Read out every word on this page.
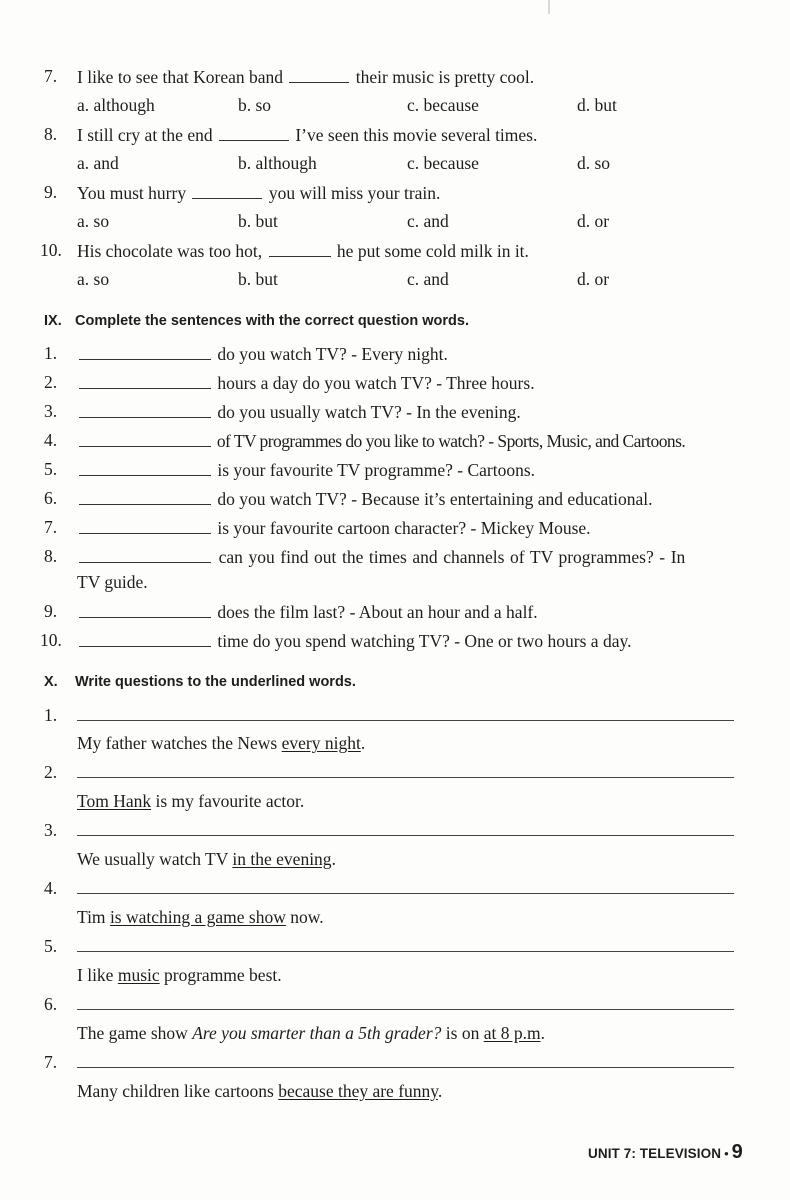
7. I like to see that Korean band	their music is pretty cool.
a. although	b. so	c. because	d. but
8. I still cry at the end	I’ve seen this movie several times.
a. and	b. although	c. because	d. so
9. You must hurry	you will miss your train.
a. so	b. but	c. and	d. or
10. His chocolate was too hot,	he put some cold milk in it.
a. so	b. but	c. and	d. or
IX. Complete the sentences with the correct question words.
1.	do you watch TV? - Every night.
2.	hours a day do you watch TV? - Three hours.
3.	do you usually watch TV? - In the evening.
4.	of TV programmes do you like to watch? - Sports, Music, and Cartoons.
5.	is your favourite TV programme? - Cartoons.
6.	do you watch TV? - Because it’s entertaining and educational.
7.	is your favourite cartoon character? - Mickey Mouse.
8.	can you find out the times and channels of TV programmes? - In
TV guide.
9.	does the film last? - About an hour and a half.
10.	time do you spend watching TV? - One or two hours a day.
X. Write questions to the underlined words.
1.
My father watches the News every night.
2.
Tom Hank is my favourite actor.
3.
We usually watch TV in the evening.
4.
Tim is watching a game show now.
5.
I like music programme best.
6.
The game show Are you smarter than a 5th grader? is on at 8 p.m.
7.
Many children like cartoons because they are funny.
UNIT 7: TELEVISION • 9
